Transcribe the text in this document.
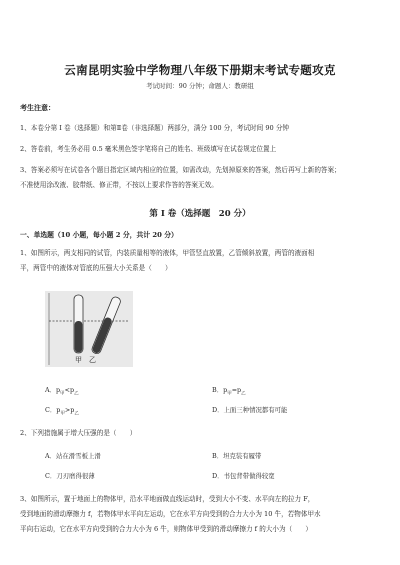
云南昆明实验中学物理八年级下册期末考试专题攻克
考试时间：90 分钟；命题人：教研组
考生注意：
1、本卷分第 I 卷（选择题）和第Ⅱ卷（非选择题）两部分，满分 100 分，考试时间 90 分钟
2、答卷前，考生务必用 0.5 毫米黑色签字笔将自己的姓名、班级填写在试卷规定位置上
3、答案必须写在试卷各个题目指定区域内相应的位置，如需改动，先划掉原来的答案，然后再写上新的答案；
不准使用涂改液、胶带纸、修正带，不按以上要求作答的答案无效。
第 I 卷（选择题　20 分）
一、单选题（10 小题，每小题 2 分，共计 20 分）
1、如图所示，两支相同的试管，内装质量相等的液体，甲管竖直放置，乙管倾斜放置，两管的液面相
平，两管中的液体对管底的压强大小关系是（　　）
甲　乙
A．$p_甲<p_乙$	B．$p_甲=p_乙$
C．$p_甲>p_乙$	D．上面三种情况都有可能
2、下列措施属于增大压强的是（　　）
A．站在滑雪板上滑	B．坦克装有履带
C．刀刃磨得很薄	D．书包背带做得较宽
3、如图所示，置于地面上的物体甲，沿水平地面做直线运动时，受到大小不变、水平向左的拉力 F，
受到地面的滑动摩擦力 f，若物体甲水平向左运动，它在水平方向受到的合力大小为 10 牛，若物体甲水
平向右运动，它在水平方向受到的合力大小为 6 牛，则物体甲受到的滑动摩擦力 f 的大小为（　　）
